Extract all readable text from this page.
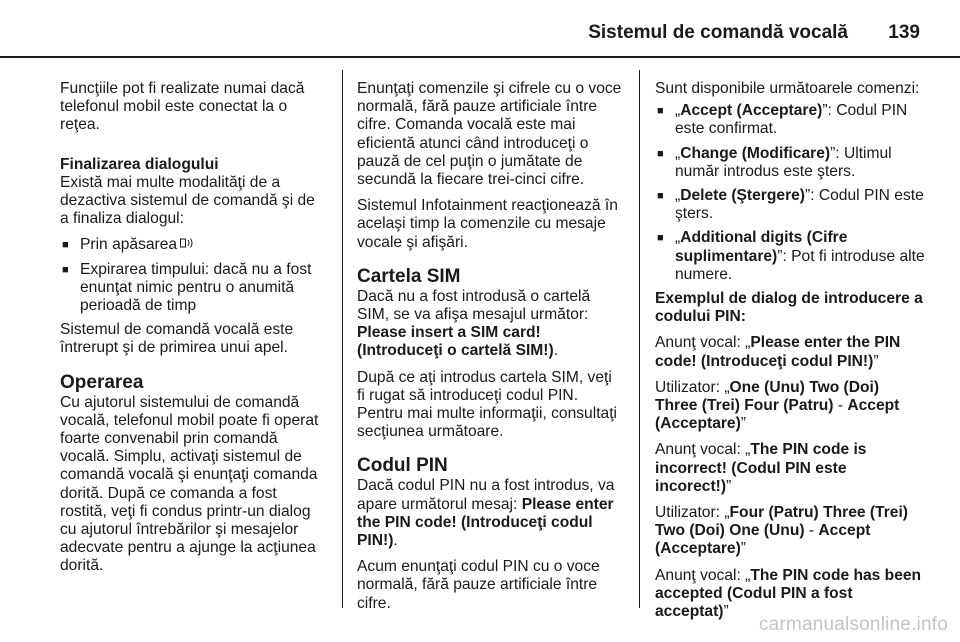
Sistemul de comandă vocală 139

Funcţiile pot fi realizate numai dacă telefonul mobil este conectat la o reţea.

Finalizarea dialogului

Există mai multe modalităţi de a dezactiva sistemul de comandă şi de a finaliza dialogul:

■ Prin apăsarea
■ Expirarea timpului: dacă nu a fost enunţat nimic pentru o anumită perioadă de timp

Sistemul de comandă vocală este întrerupt şi de primirea unui apel.

Operarea

Cu ajutorul sistemului de comandă vocală, telefonul mobil poate fi operat foarte convenabil prin comandă vocală. Simplu, activaţi sistemul de comandă vocală şi enunţaţi comanda dorită. După ce comanda a fost rostită, veţi fi condus printr-un dialog cu ajutorul întrebărilor şi mesajelor adecvate pentru a ajunge la acţiunea dorită.

Enunţaţi comenzile şi cifrele cu o voce normală, fără pauze artificiale între cifre. Comanda vocală este mai eficientă atunci când introduceţi o pauză de cel puţin o jumătate de secundă la fiecare trei-cinci cifre.

Sistemul Infotainment reacţionează în acelaşi timp la comenzile cu mesaje vocale şi afişări.

Cartela SIM

Dacă nu a fost introdusă o cartelă SIM, se va afişa mesajul următor: Please insert a SIM card! (Introduceţi o cartelă SIM!).

După ce aţi introdus cartela SIM, veţi fi rugat să introduceţi codul PIN. Pentru mai multe informaţii, consultaţi secţiunea următoare.

Codul PIN

Dacă codul PIN nu a fost introdus, va apare următorul mesaj: Please enter the PIN code! (Introduceţi codul PIN!).

Acum enunţaţi codul PIN cu o voce normală, fără pauze artificiale între cifre.

Sunt disponibile următoarele comenzi:

■ „Accept (Acceptare)”: Codul PIN este confirmat.
■ „Change (Modificare)”: Ultimul număr introdus este şters.
■ „Delete (Ştergere)”: Codul PIN este şters.
■ „Additional digits (Cifre suplimentare)”: Pot fi introduse alte numere.

Exemplul de dialog de introducere a codului PIN:

Anunţ vocal: „Please enter the PIN code! (Introduceţi codul PIN!)”

Utilizator: „One (Unu) Two (Doi) Three (Trei) Four (Patru) - Accept (Acceptare)”

Anunţ vocal: „The PIN code is incorrect! (Codul PIN este incorect!)”

Utilizator: „Four (Patru) Three (Trei) Two (Doi) One (Unu) - Accept (Acceptare)”

Anunţ vocal: „The PIN code has been accepted (Codul PIN a fost acceptat)”

carmanualsonline.info
